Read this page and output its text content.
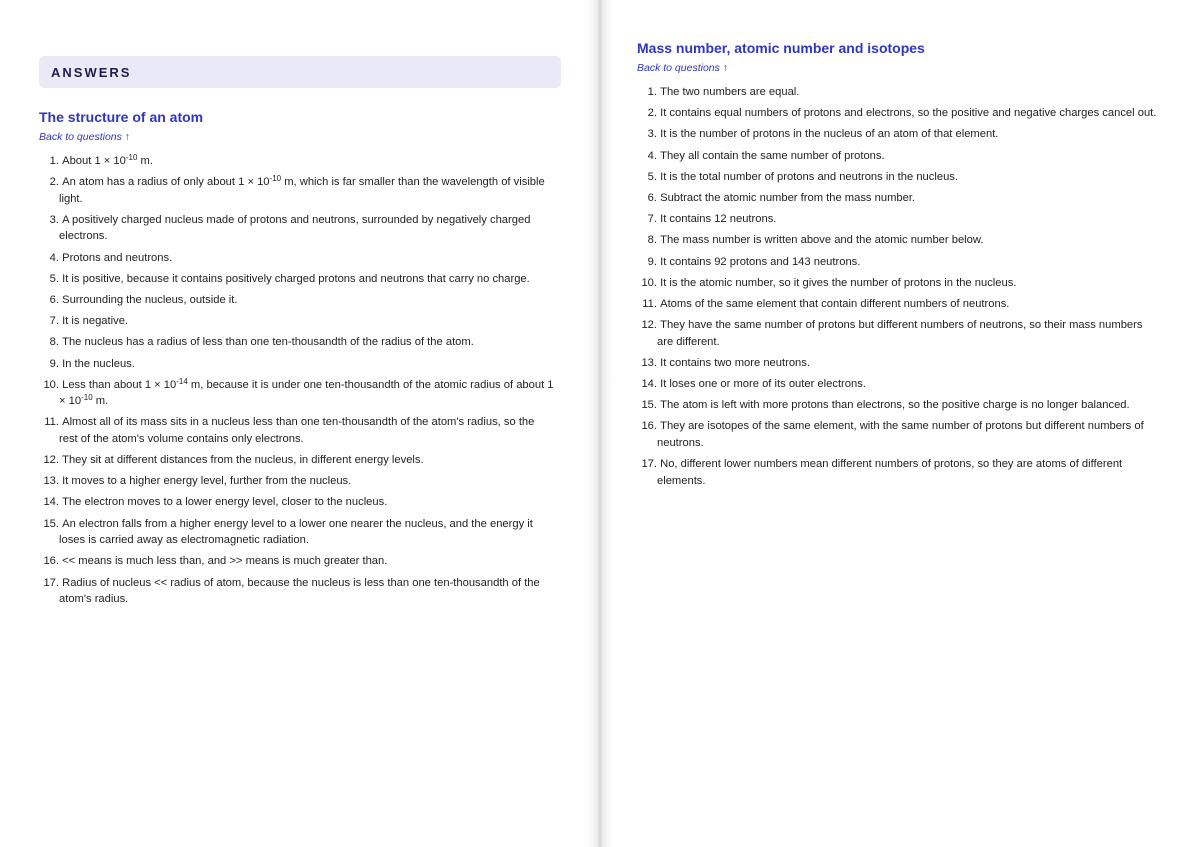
ANSWERS
The structure of an atom
Back to questions ↑
1. About $1 \times 10^{-10}$ m.
2. An atom has a radius of only about $1 \times 10^{-10}$ m, which is far smaller than the wavelength of visible light.
3. A positively charged nucleus made of protons and neutrons, surrounded by negatively charged electrons.
4. Protons and neutrons.
5. It is positive, because it contains positively charged protons and neutrons that carry no charge.
6. Surrounding the nucleus, outside it.
7. It is negative.
8. The nucleus has a radius of less than one ten-thousandth of the radius of the atom.
9. In the nucleus.
10. Less than about $1 \times 10^{-14}$ m, because it is under one ten-thousandth of the atomic radius of about $1 \times 10^{-10}$ m.
11. Almost all of its mass sits in a nucleus less than one ten-thousandth of the atom's radius, so the rest of the atom's volume contains only electrons.
12. They sit at different distances from the nucleus, in different energy levels.
13. It moves to a higher energy level, further from the nucleus.
14. The electron moves to a lower energy level, closer to the nucleus.
15. An electron falls from a higher energy level to a lower one nearer the nucleus, and the energy it loses is carried away as electromagnetic radiation.
16. << means is much less than, and >> means is much greater than.
17. Radius of nucleus << radius of atom, because the nucleus is less than one ten-thousandth of the atom's radius.
Mass number, atomic number and isotopes
Back to questions ↑
1. The two numbers are equal.
2. It contains equal numbers of protons and electrons, so the positive and negative charges cancel out.
3. It is the number of protons in the nucleus of an atom of that element.
4. They all contain the same number of protons.
5. It is the total number of protons and neutrons in the nucleus.
6. Subtract the atomic number from the mass number.
7. It contains 12 neutrons.
8. The mass number is written above and the atomic number below.
9. It contains 92 protons and 143 neutrons.
10. It is the atomic number, so it gives the number of protons in the nucleus.
11. Atoms of the same element that contain different numbers of neutrons.
12. They have the same number of protons but different numbers of neutrons, so their mass numbers are different.
13. It contains two more neutrons.
14. It loses one or more of its outer electrons.
15. The atom is left with more protons than electrons, so the positive charge is no longer balanced.
16. They are isotopes of the same element, with the same number of protons but different numbers of neutrons.
17. No, different lower numbers mean different numbers of protons, so they are atoms of different elements.
